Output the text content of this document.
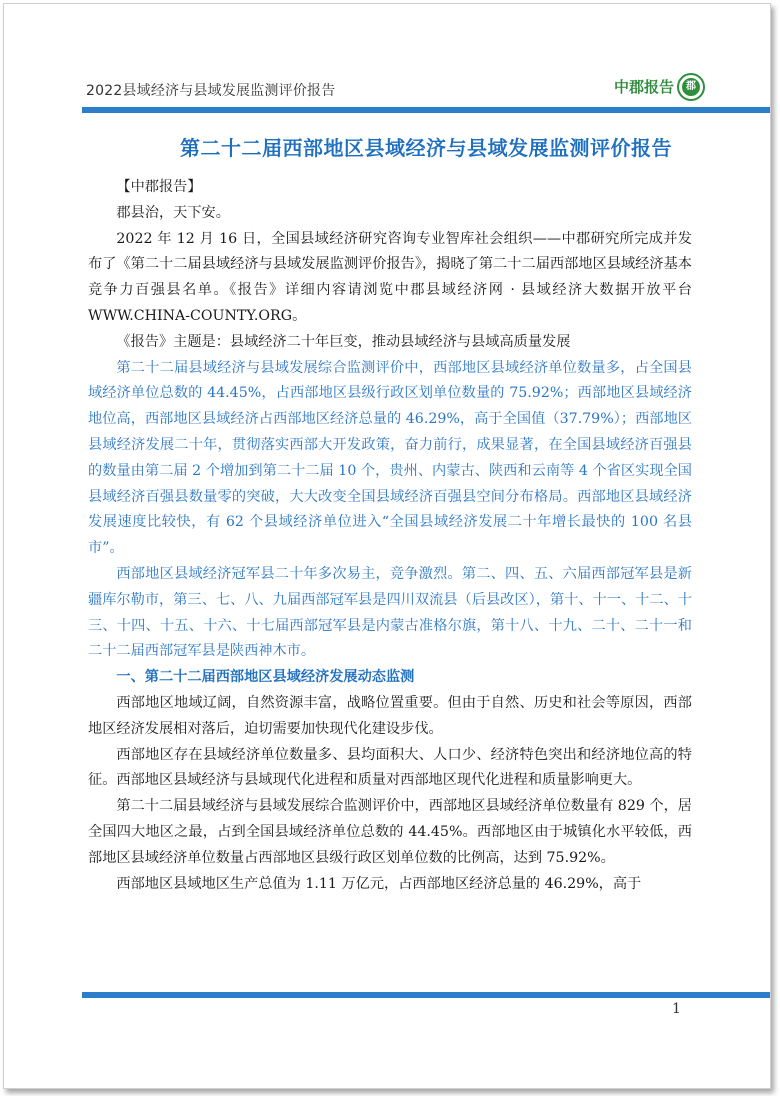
2022县域经济与县域发展监测评价报告	中郡报告	郡
第二十二届西部地区县域经济与县域发展监测评价报告

【中郡报告】

郡县治，天下安。

2022 年 12 月 16 日，全国县域经济研究咨询专业智库社会组织——中郡研究所完成并发布了《第二十二届县域经济与县域发展监测评价报告》，揭晓了第二十二届西部地区县域经济基本竞争力百强县名单。《报告》详细内容请浏览中郡县域经济网 · 县域经济大数据开放平台 WWW.CHINA-COUNTY.ORG。

《报告》主题是：县域经济二十年巨变，推动县域经济与县域高质量发展

第二十二届县域经济与县域发展综合监测评价中，西部地区县域经济单位数量多，占全国县域经济单位总数的 44.45%，占西部地区县级行政区划单位数量的 75.92%；西部地区县域经济地位高，西部地区县域经济占西部地区经济总量的 46.29%，高于全国值（37.79%）；西部地区县域经济发展二十年，贯彻落实西部大开发政策，奋力前行，成果显著，在全国县域经济百强县的数量由第二届 2 个增加到第二十二届 10 个，贵州、内蒙古、陕西和云南等 4 个省区实现全国县域经济百强县数量零的突破，大大改变全国县域经济百强县空间分布格局。西部地区县域经济发展速度比较快，有 62 个县域经济单位进入“全国县域经济发展二十年增长最快的 100 名县市”。

西部地区县域经济冠军县二十年多次易主，竞争激烈。第二、四、五、六届西部冠军县是新疆库尔勒市，第三、七、八、九届西部冠军县是四川双流县（后县改区），第十、十一、十二、十三、十四、十五、十六、十七届西部冠军县是内蒙古准格尔旗，第十八、十九、二十、二十一和二十二届西部冠军县是陕西神木市。

一、第二十二届西部地区县域经济发展动态监测

西部地区地域辽阔，自然资源丰富，战略位置重要。但由于自然、历史和社会等原因，西部地区经济发展相对落后，迫切需要加快现代化建设步伐。

西部地区存在县域经济单位数量多、县均面积大、人口少、经济特色突出和经济地位高的特征。西部地区县域经济与县域现代化进程和质量对西部地区现代化进程和质量影响更大。

第二十二届县域经济与县域发展综合监测评价中，西部地区县域经济单位数量有 829 个，居全国四大地区之最，占到全国县域经济单位总数的 44.45%。西部地区由于城镇化水平较低，西部地区县域经济单位数量占西部地区县级行政区划单位数的比例高，达到 75.92%。

西部地区县域地区生产总值为 1.11 万亿元，占西部地区经济总量的 46.29%，高于

1
